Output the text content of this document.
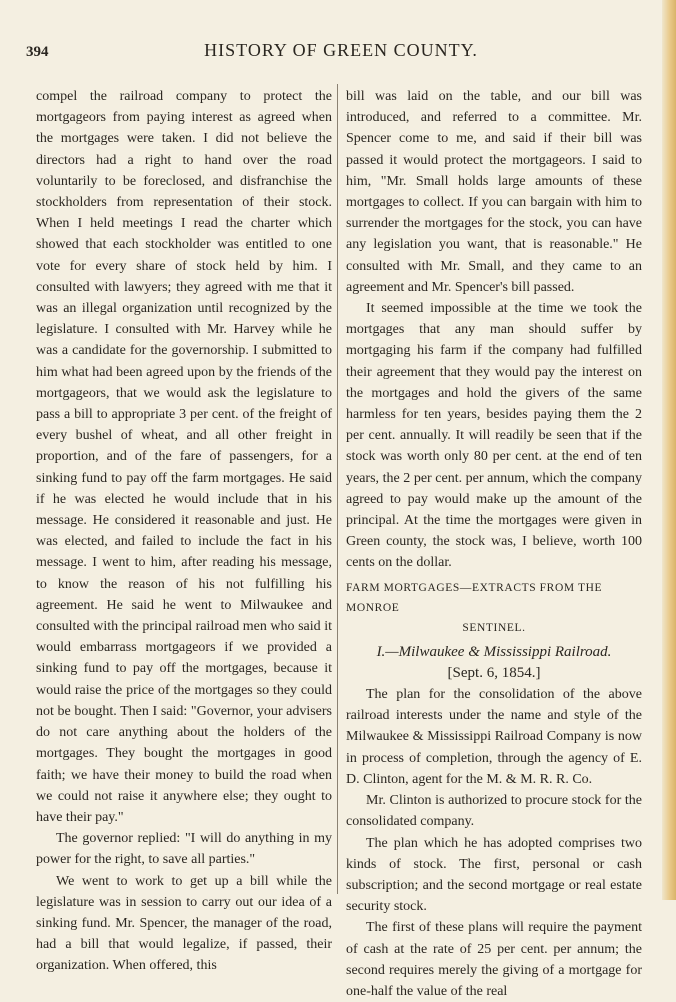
394	HISTORY OF GREEN COUNTY.

compel the railroad company to protect the mortgageors from paying interest as agreed when the mortgages were taken. I did not believe the directors had a right to hand over the road voluntarily to be foreclosed, and disfranchise the stockholders from representation of their stock. When I held meetings I read the charter which showed that each stockholder was entitled to one vote for every share of stock held by him. I consulted with lawyers; they agreed with me that it was an illegal organization until recognized by the legislature. I consulted with Mr. Harvey while he was a candidate for the governorship. I submitted to him what had been agreed upon by the friends of the mortgageors, that we would ask the legislature to pass a bill to appropriate 3 per cent. of the freight of every bushel of wheat, and all other freight in proportion, and of the fare of passengers, for a sinking fund to pay off the farm mortgages. He said if he was elected he would include that in his message. He considered it reasonable and just. He was elected, and failed to include the fact in his message. I went to him, after reading his message, to know the reason of his not fulfilling his agreement. He said he went to Milwaukee and consulted with the principal railroad men who said it would embarrass mortgageors if we provided a sinking fund to pay off the mortgages, because it would raise the price of the mortgages so they could not be bought. Then I said: "Governor, your advisers do not care anything about the holders of the mortgages. They bought the mortgages in good faith; we have their money to build the road when we could not raise it anywhere else; they ought to have their pay."

The governor replied: "I will do anything in my power for the right, to save all parties."

We went to work to get up a bill while the legislature was in session to carry out our idea of a sinking fund. Mr. Spencer, the manager of the road, had a bill that would legalize, if passed, their organization. When offered, this

bill was laid on the table, and our bill was introduced, and referred to a committee. Mr. Spencer come to me, and said if their bill was passed it would protect the mortgageors. I said to him, "Mr. Small holds large amounts of these mortgages to collect. If you can bargain with him to surrender the mortgages for the stock, you can have any legislation you want, that is reasonable." He consulted with Mr. Small, and they came to an agreement and Mr. Spencer's bill passed.

It seemed impossible at the time we took the mortgages that any man should suffer by mortgaging his farm if the company had fulfilled their agreement that they would pay the interest on the mortgages and hold the givers of the same harmless for ten years, besides paying them the 2 per cent. annually. It will readily be seen that if the stock was worth only 80 per cent. at the end of ten years, the 2 per cent. per annum, which the company agreed to pay would make up the amount of the principal. At the time the mortgages were given in Green county, the stock was, I believe, worth 100 cents on the dollar.

FARM MORTGAGES—EXTRACTS FROM THE MONROE
SENTINEL.

I.—Milwaukee & Mississippi Railroad.

[Sept. 6, 1854.]

The plan for the consolidation of the above railroad interests under the name and style of the Milwaukee & Mississippi Railroad Company is now in process of completion, through the agency of E. D. Clinton, agent for the M. & M. R. R. Co.

Mr. Clinton is authorized to procure stock for the consolidated company.

The plan which he has adopted comprises two kinds of stock. The first, personal or cash subscription; and the second mortgage or real estate security stock.

The first of these plans will require the payment of cash at the rate of 25 per cent. per annum; the second requires merely the giving of a mortgage for one-half the value of the real
